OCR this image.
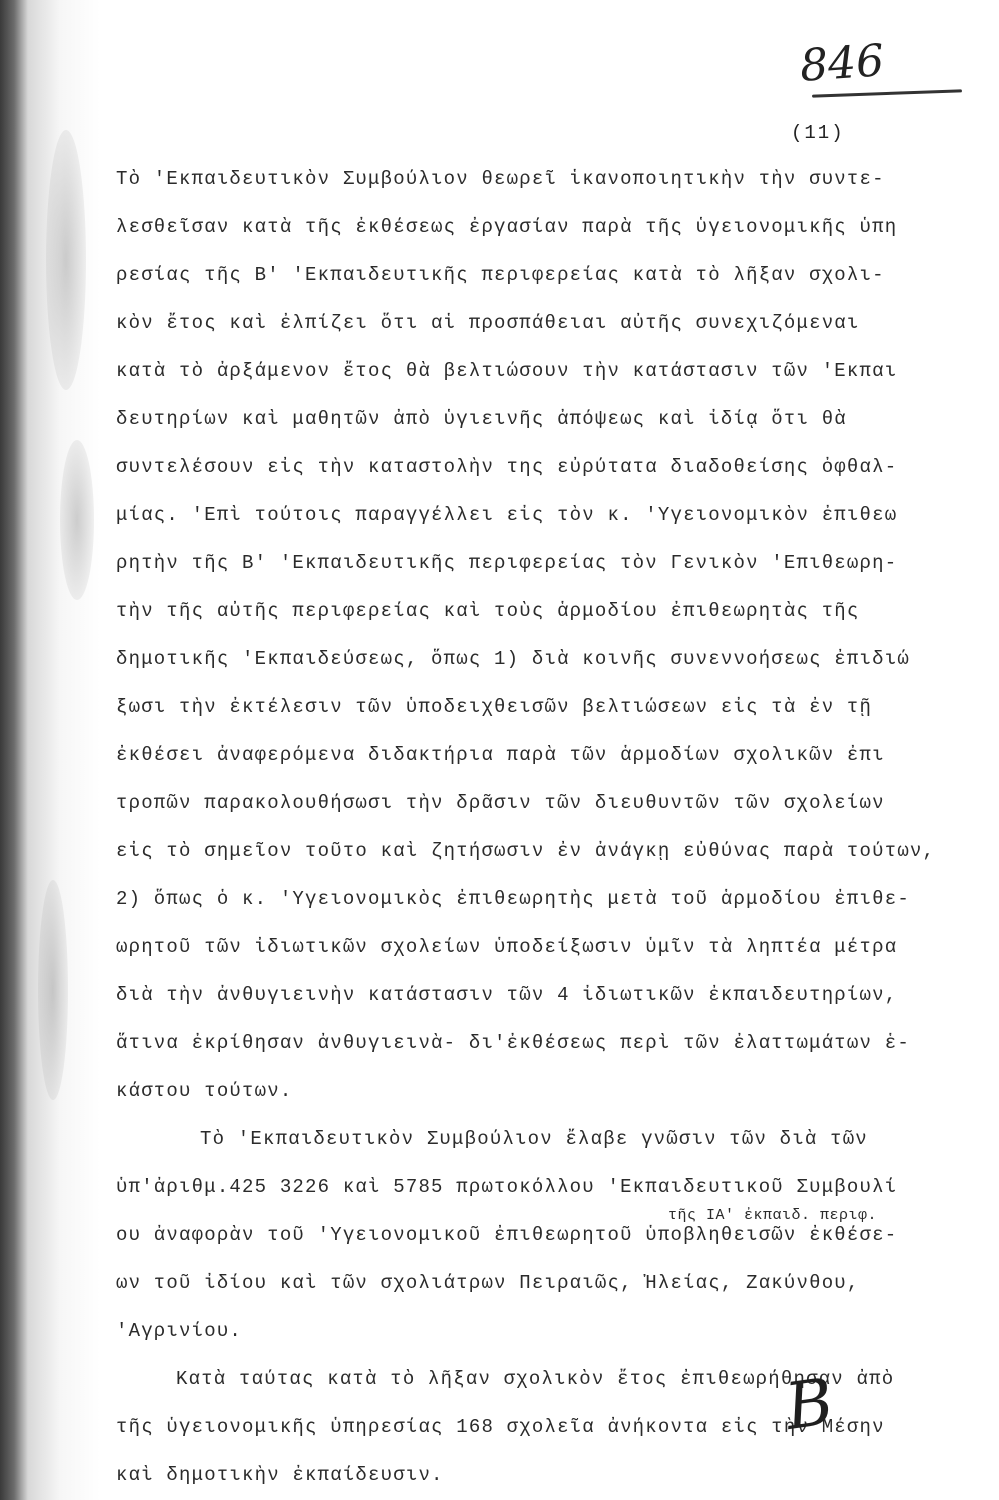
846
(11)
Τὸ 'Εκπαιδευτικὸν Συμβούλιον θεωρεῖ ἱκανοποιητικὴν τὴν συντε-
λεσθεῖσαν κατὰ τῆς ἐκθέσεως ἐργασίαν παρὰ τῆς ὑγειονομικῆς ὑπη
ρεσίας τῆς Β' 'Εκπαιδευτικῆς περιφερείας κατὰ τὸ λῆξαν σχολι-
κὸν ἔτος καὶ ἐλπίζει ὅτι αἱ προσπάθειαι αὐτῆς συνεχιζόμεναι
κατὰ τὸ ἀρξάμενον ἔτος θὰ βελτιώσουν τὴν κατάστασιν τῶν 'Εκπαι
δευτηρίων καὶ μαθητῶν ἀπὸ ὑγιεινῆς ἀπόψεως καὶ ἰδίᾳ ὅτι θὰ
συντελέσουν εἰς τὴν καταστολὴν της εὐρύτατα διαδοθείσης ὀφθαλ-
μίας. 'Επὶ τούτοις παραγγέλλει εἰς τὸν κ. 'Υγειονομικὸν ἐπιθεω
ρητὴν τῆς Β' 'Εκπαιδευτικῆς περιφερείας τὸν Γενικὸν 'Επιθεωρη-
τὴν τῆς αὐτῆς περιφερείας καὶ τοὺς ἁρμοδίου ἐπιθεωρητὰς τῆς
δημοτικῆς 'Εκπαιδεύσεως, ὅπως 1) διὰ κοινῆς συνεννοήσεως ἐπιδιώ
ξωσι τὴν ἐκτέλεσιν τῶν ὑποδειχθεισῶν βελτιώσεων εἰς τὰ ἐν τῇ
ἐκθέσει ἀναφερόμενα διδακτήρια παρὰ τῶν ἁρμοδίων σχολικῶν ἐπι
τροπῶν παρακολουθήσωσι τὴν δρᾶσιν τῶν διευθυντῶν τῶν σχολείων
εἰς τὸ σημεῖον τοῦτο καὶ ζητήσωσιν ἐν ἀνάγκῃ εὐθύνας παρὰ τούτων,
2) ὅπως ὁ κ. 'Υγειονομικὸς ἐπιθεωρητὴς μετὰ τοῦ ἁρμοδίου ἐπιθε-
ωρητοῦ τῶν ἰδιωτικῶν σχολείων ὑποδείξωσιν ὑμῖν τὰ ληπτέα μέτρα
διὰ τὴν ἀνθυγιεινὴν κατάστασιν τῶν 4 ἰδιωτικῶν ἐκπαιδευτηρίων,
ἅτινα ἐκρίθησαν ἀνθυγιεινὰ- δι'ἐκθέσεως περὶ τῶν ἐλαττωμάτων ἑ-
κάστου τούτων.
Τὸ 'Εκπαιδευτικὸν Συμβούλιον ἔλαβε γνῶσιν τῶν διὰ τῶν
ὑπ'ἀριθμ.425 3226 καὶ 5785 πρωτοκόλλου 'Εκπαιδευτικοῦ Συμβουλί
τῆς ΙΑ' ἐκπαιδ. περιφ.
ου ἀναφορὰν τοῦ 'Υγειονομικοῦ ἐπιθεωρητοῦ ὑποβληθεισῶν ἐκθέσε-
ων τοῦ ἰδίου καὶ τῶν σχολιάτρων Πειραιῶς, Ἠλείας, Ζακύνθου,
'Αγρινίου.
Κατὰ ταύτας κατὰ τὸ λῆξαν σχολικὸν ἔτος ἐπιθεωρήθησαν ἀπὸ
τῆς ὑγειονομικῆς ὑπηρεσίας 168 σχολεῖα ἀνήκοντα εἰς τὴν Μέσην
καὶ δημοτικὴν ἐκπαίδευσιν.
Β
